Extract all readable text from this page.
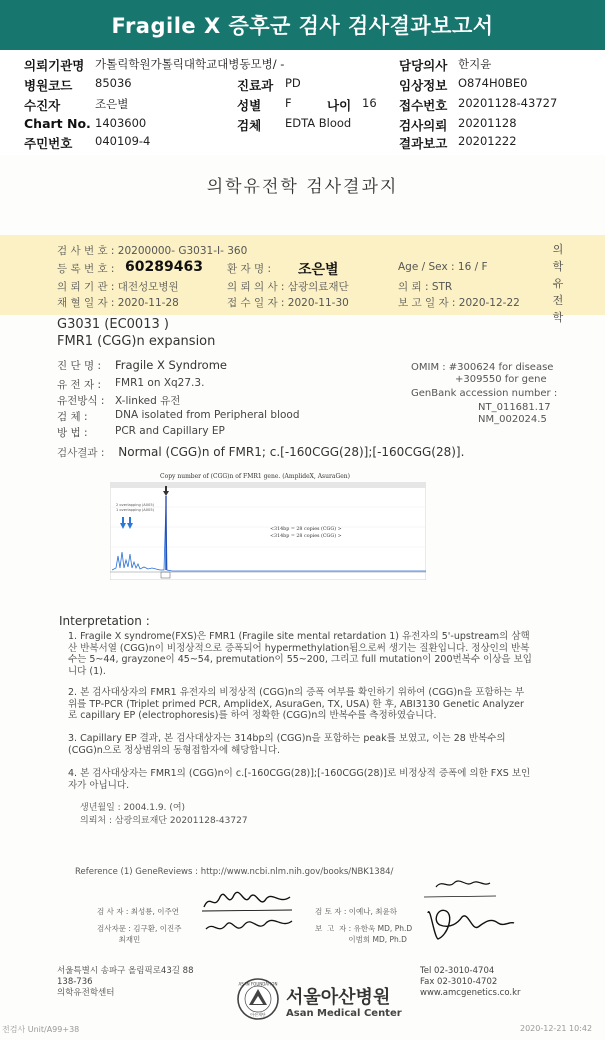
Fragile X 증후군 검사 검사결과보고서
의뢰기관명 가톨릭학원가톨릭대학교대병동모병/ -	담당의사 한지윤
병원코드 85036	진료과 PD	임상정보 O874H0BE0
수진자	조은별	성별 F	나이 16 접수번호 20201128-43727
Chart No. 1403600	검체 EDTA Blood	검사의뢰 20201128
주민번호 040109-4	결과보고 20201222
의학유전학 검사결과지
검 사 번 호 : 20200000- G3031-I- 360
등 록 번 호 : 60289463 환 자 명 : 조은별	Age / Sex : 16 / F
의 뢰 기 관 : 대전성모병원	의 뢰 의 사 : 삼광의료재단	의 뢰 : STR
채 혈 일 자 : 2020-11-28	접 수 일 자 : 2020-11-30	보 고 일 자 : 2020-12-22
의학유전학
G3031 (EC0013 )
FMR1 (CGG)n expansion
진 단 명 : Fragile X Syndrome
유 전 자 : FMR1 on Xq27.3.
유전방식 : X-linked 유전
검 체 :	DNA isolated from Peripheral blood
방 법 :	PCR and Capillary EP
OMIM : #300624 for disease
+309550 for gene
GenBank accession number :
NT_011681.17
NM_002024.5
검사결과 : Normal (CGG)n of FMR1; c.[-160CGG(28)];[-160CGG(28)].
Copy number of (CGG)n of FMR1 gene. (AmplideX, AsuraGen)
2 overlapping (A005)
1 overlapping (A005)
<314bp = 28 copies (CGG) >
<314bp = 28 copies (CGG) >
Interpretation :
1. Fragile X syndrome(FXS)은 FMR1 (Fragile site mental retardation 1) 유전자의 5'-upstream의 삼핵산 반복서열 (CGG)n이 비정상적으로 증폭되어 hypermethylation됨으로써 생기는 질환입니다. 정상인의 반복수는 5~44, grayzone이 45~54, premutation이 55~200, 그리고 full mutation이 200번복수 이상을 보입니다 (1).
2. 본 검사대상자의 FMR1 유전자의 비정상적 (CGG)n의 증폭 여부를 확인하기 위하여 (CGG)n을 포함하는 부위를 TP-PCR (Triplet primed PCR, AmplideX, AsuraGen, TX, USA) 한 후, ABI3130 Genetic Analyzer로 capillary EP (electrophoresis)를 하여 정확한 (CGG)n의 반복수를 측정하였습니다.
3. Capillary EP 결과, 본 검사대상자는 314bp의 (CGG)n을 포함하는 peak를 보였고, 이는 28 반복수의 (CGG)n으로 정상범위의 동형접합자에 해당합니다.
4. 본 검사대상자는 FMR1의 (CGG)n이 c.[-160CGG(28)];[-160CGG(28)]로 비정상적 증폭에 의한 FXS 보인자가 아닙니다.
생년월일 : 2004.1.9. (여)
의뢰처 : 삼광의료재단 20201128-43727
Reference (1) GeneReviews : http://www.ncbi.nlm.nih.gov/books/NBK1384/
검 사 자 : 최성룡, 이주연
검사자문 : 김구환, 이진주
최재민
검 토 자 : 이예나, 최윤하
보  고  자 : 유한욱 MD, Ph.D
이범희 MD, Ph.D
서울특별시 송파구 올림픽로43길 88
138-736
의학유전학센터
ASAN FOUNDATION
아산재단
서울아산병원
Asan Medical Center
Tel 02-3010-4704
Fax 02-3010-4702
www.amcgenetics.co.kr
전검사 Unit/A99+38	2020-12-21 10:42
